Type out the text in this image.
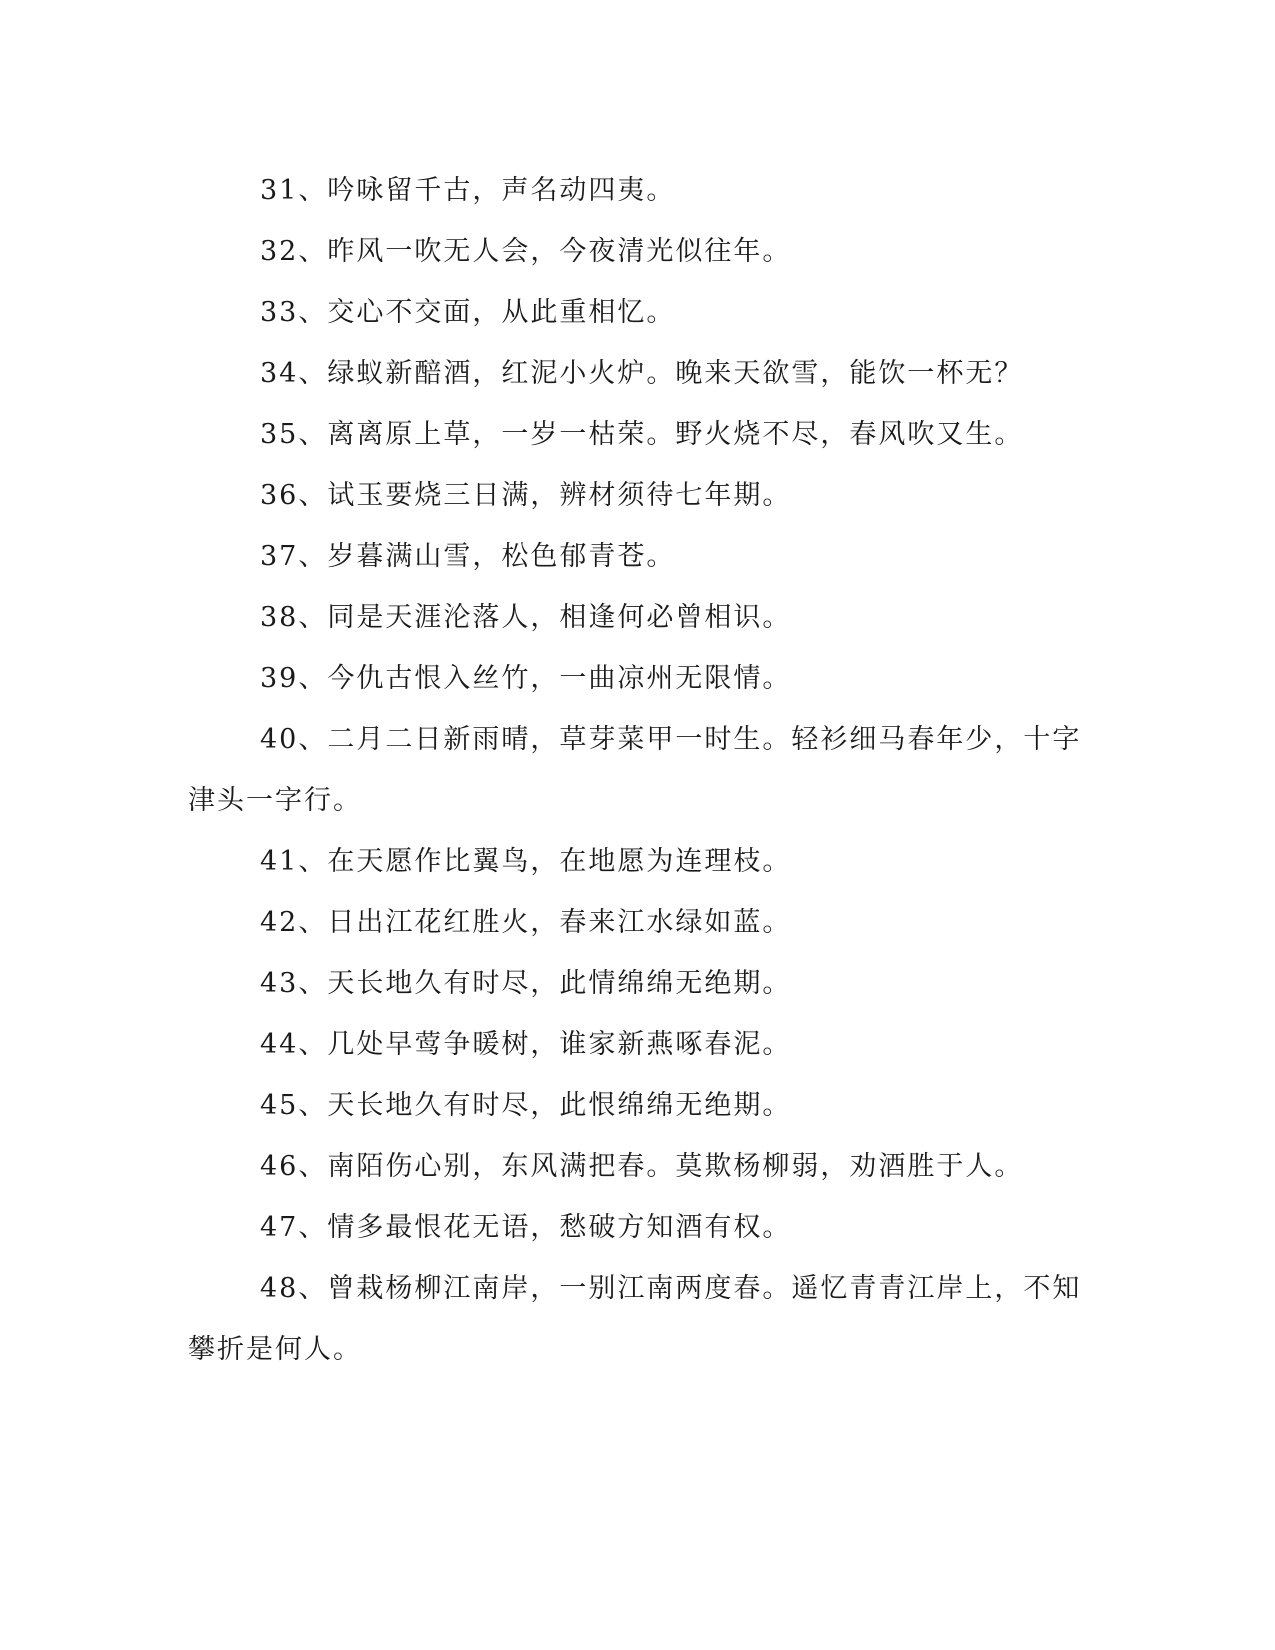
31、吟咏留千古，声名动四夷。
32、昨风一吹无人会，今夜清光似往年。
33、交心不交面，从此重相忆。
34、绿蚁新醅酒，红泥小火炉。晚来天欲雪，能饮一杯无？
35、离离原上草，一岁一枯荣。野火烧不尽，春风吹又生。
36、试玉要烧三日满，辨材须待七年期。
37、岁暮满山雪，松色郁青苍。
38、同是天涯沦落人，相逢何必曾相识。
39、今仇古恨入丝竹，一曲凉州无限情。
40、二月二日新雨晴，草芽菜甲一时生。轻衫细马春年少，十字
津头一字行。
41、在天愿作比翼鸟，在地愿为连理枝。
42、日出江花红胜火，春来江水绿如蓝。
43、天长地久有时尽，此情绵绵无绝期。
44、几处早莺争暖树，谁家新燕啄春泥。
45、天长地久有时尽，此恨绵绵无绝期。
46、南陌伤心别，东风满把春。莫欺杨柳弱，劝酒胜于人。
47、情多最恨花无语，愁破方知酒有权。
48、曾栽杨柳江南岸，一别江南两度春。遥忆青青江岸上，不知
攀折是何人。
